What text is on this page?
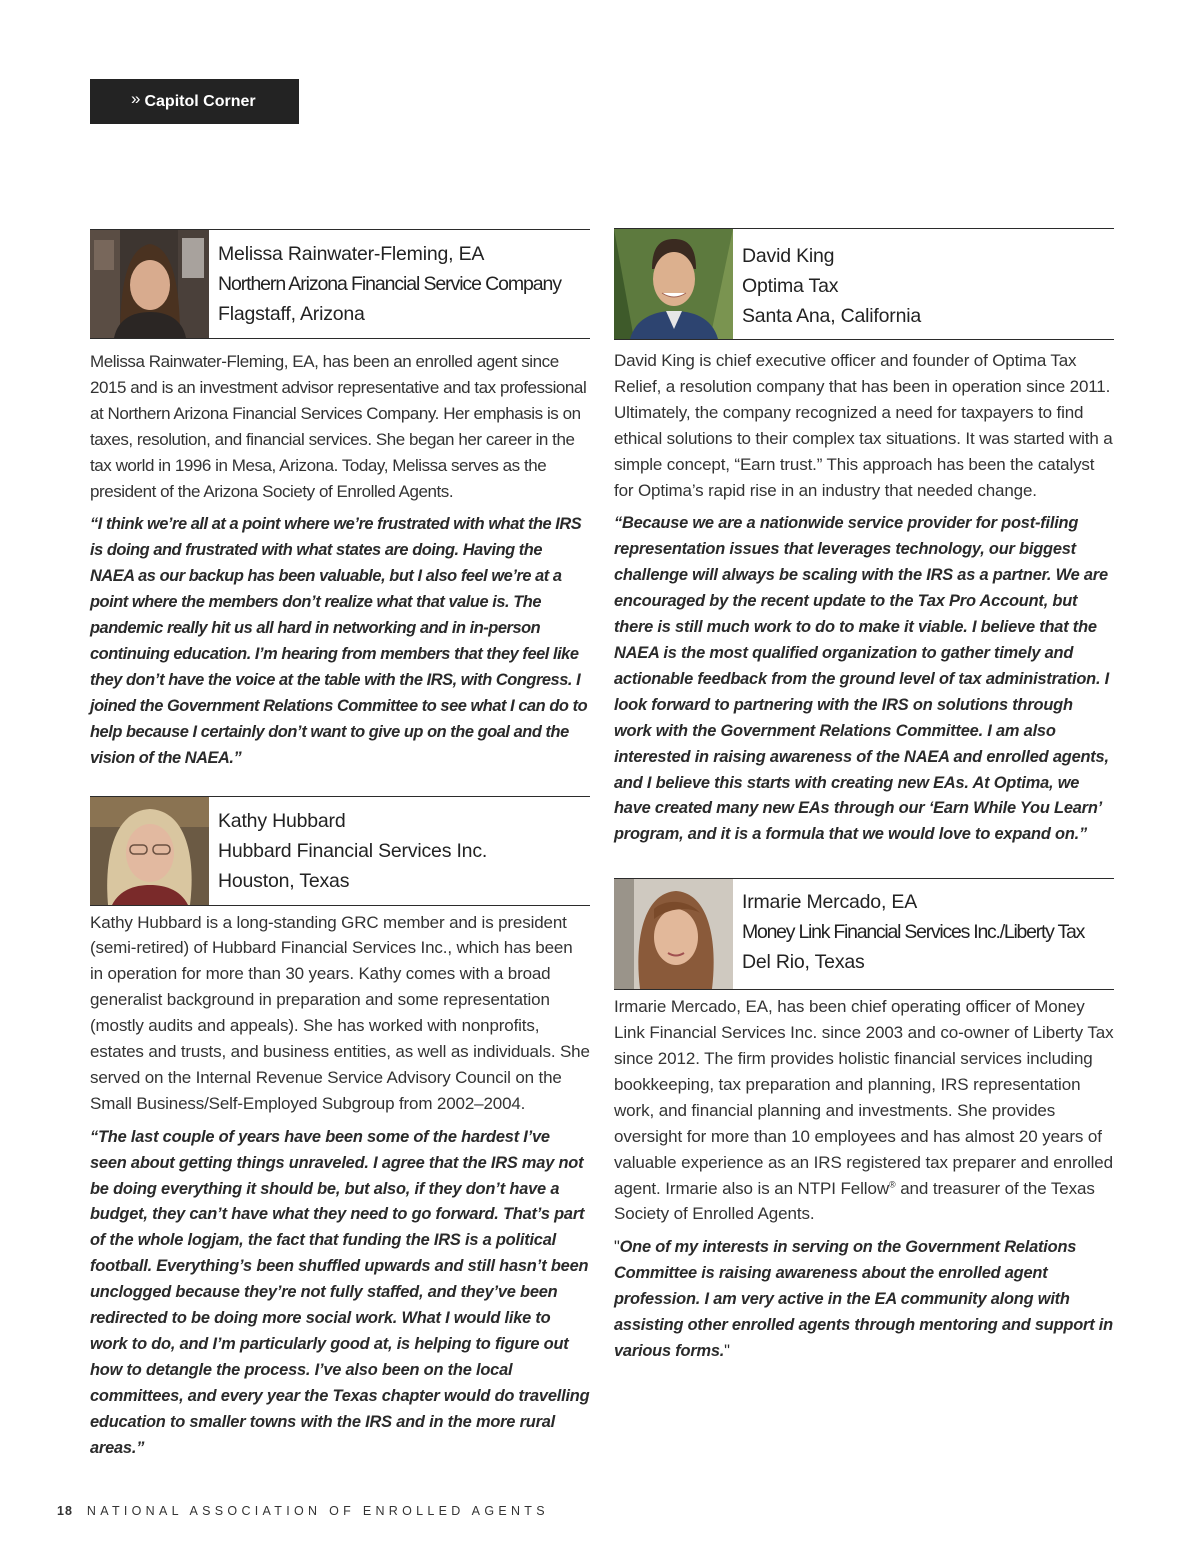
» Capitol Corner
Melissa Rainwater-Fleming, EA
Northern Arizona Financial Service Company
Flagstaff, Arizona

Melissa Rainwater-Fleming, EA, has been an enrolled agent since 2015 and is an investment advisor representative and tax professional at Northern Arizona Financial Services Company. Her emphasis is on taxes, resolution, and financial services. She began her career in the tax world in 1996 in Mesa, Arizona. Today, Melissa serves as the president of the Arizona Society of Enrolled Agents.

“I think we’re all at a point where we’re frustrated with what the IRS is doing and frustrated with what states are doing. Having the NAEA as our backup has been valuable, but I also feel we’re at a point where the members don’t realize what that value is. The pandemic really hit us all hard in networking and in in-person continuing education. I’m hearing from members that they feel like they don’t have the voice at the table with the IRS, with Congress. I joined the Government Relations Committee to see what I can do to help because I certainly don’t want to give up on the goal and the vision of the NAEA.”

Kathy Hubbard
Hubbard Financial Services Inc.
Houston, Texas

Kathy Hubbard is a long-standing GRC member and is president (semi-retired) of Hubbard Financial Services Inc., which has been in operation for more than 30 years. Kathy comes with a broad generalist background in preparation and some representation (mostly audits and appeals). She has worked with nonprofits, estates and trusts, and business entities, as well as individuals. She served on the Internal Revenue Service Advisory Council on the Small Business/Self-Employed Subgroup from 2002–2004.

“The last couple of years have been some of the hardest I’ve seen about getting things unraveled. I agree that the IRS may not be doing everything it should be, but also, if they don’t have a budget, they can’t have what they need to go forward. That’s part of the whole logjam, the fact that funding the IRS is a political football. Everything’s been shuffled upwards and still hasn’t been unclogged because they’re not fully staffed, and they’ve been redirected to be doing more social work. What I would like to work to do, and I’m particularly good at, is helping to figure out how to detangle the process. I’ve also been on the local committees, and every year the Texas chapter would do travelling education to smaller towns with the IRS and in the more rural areas.”

David King
Optima Tax
Santa Ana, California

David King is chief executive officer and founder of Optima Tax Relief, a resolution company that has been in operation since 2011. Ultimately, the company recognized a need for taxpayers to find ethical solutions to their complex tax situations. It was started with a simple concept, “Earn trust.” This approach has been the catalyst for Optima’s rapid rise in an industry that needed change.

“Because we are a nationwide service provider for post-filing representation issues that leverages technology, our biggest challenge will always be scaling with the IRS as a partner. We are encouraged by the recent update to the Tax Pro Account, but there is still much work to do to make it viable. I believe that the NAEA is the most qualified organization to gather timely and actionable feedback from the ground level of tax administration. I look forward to partnering with the IRS on solutions through work with the Government Relations Committee. I am also interested in raising awareness of the NAEA and enrolled agents, and I believe this starts with creating new EAs. At Optima, we have created many new EAs through our ‘Earn While You Learn’ program, and it is a formula that we would love to expand on.”

Irmarie Mercado, EA
Money Link Financial Services Inc./Liberty Tax
Del Rio, Texas

Irmarie Mercado, EA, has been chief operating officer of Money Link Financial Services Inc. since 2003 and co-owner of Liberty Tax since 2012. The firm provides holistic financial services including bookkeeping, tax preparation and planning, IRS representation work, and financial planning and investments. She provides oversight for more than 10 employees and has almost 20 years of valuable experience as an IRS registered tax preparer and enrolled agent. Irmarie also is an NTPI Fellow® and treasurer of the Texas Society of Enrolled Agents.

"One of my interests in serving on the Government Relations Committee is raising awareness about the enrolled agent profession. I am very active in the EA community along with assisting other enrolled agents through mentoring and support in various forms."

18 NATIONAL ASSOCIATION OF ENROLLED AGENTS
